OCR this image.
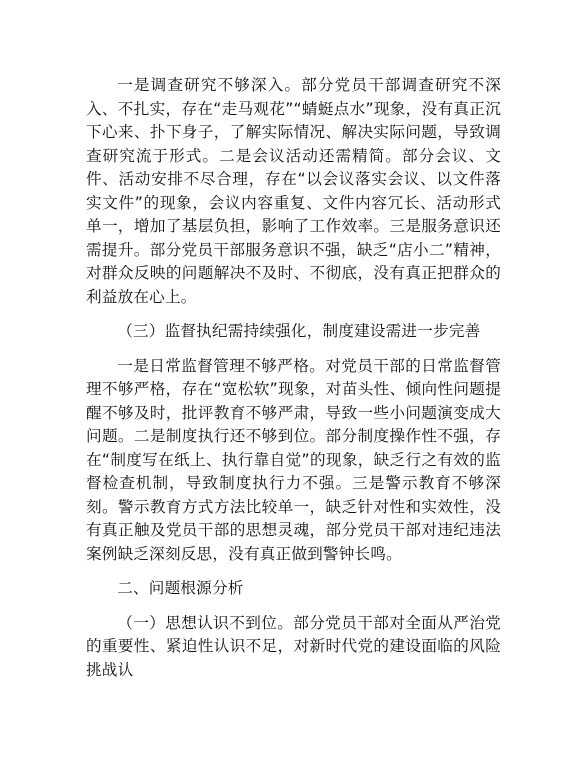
一是调查研究不够深入。部分党员干部调查研究不深入、不扎实，存在“走马观花”“蜻蜓点水”现象，没有真正沉下心来、扑下身子，了解实际情况、解决实际问题，导致调查研究流于形式。二是会议活动还需精简。部分会议、文件、活动安排不尽合理，存在“以会议落实会议、以文件落实文件”的现象，会议内容重复、文件内容冗长、活动形式单一，增加了基层负担，影响了工作效率。三是服务意识还需提升。部分党员干部服务意识不强，缺乏“店小二”精神，对群众反映的问题解决不及时、不彻底，没有真正把群众的利益放在心上。

（三）监督执纪需持续强化，制度建设需进一步完善

一是日常监督管理不够严格。对党员干部的日常监督管理不够严格，存在“宽松软”现象，对苗头性、倾向性问题提醒不够及时，批评教育不够严肃，导致一些小问题演变成大问题。二是制度执行还不够到位。部分制度操作性不强，存在“制度写在纸上、执行靠自觉”的现象，缺乏行之有效的监督检查机制，导致制度执行力不强。三是警示教育不够深刻。警示教育方式方法比较单一，缺乏针对性和实效性，没有真正触及党员干部的思想灵魂，部分党员干部对违纪违法案例缺乏深刻反思，没有真正做到警钟长鸣。

二、问题根源分析

（一）思想认识不到位。部分党员干部对全面从严治党的重要性、紧迫性认识不足，对新时代党的建设面临的风险挑战认
